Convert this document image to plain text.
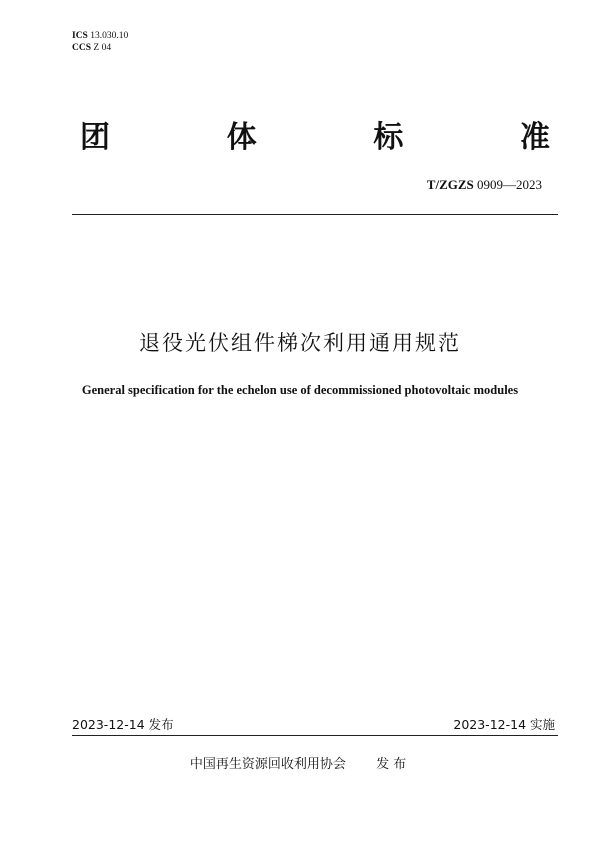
ICS 13.030.10
CCS Z 04
团	体	标	准
T/ZGZS 0909—2023
退役光伏组件梯次利用通用规范
General specification for the echelon use of decommissioned photovoltaic modules
2023-12-14 发布	2023-12-14 实施
中国再生资源回收利用协会 发布
